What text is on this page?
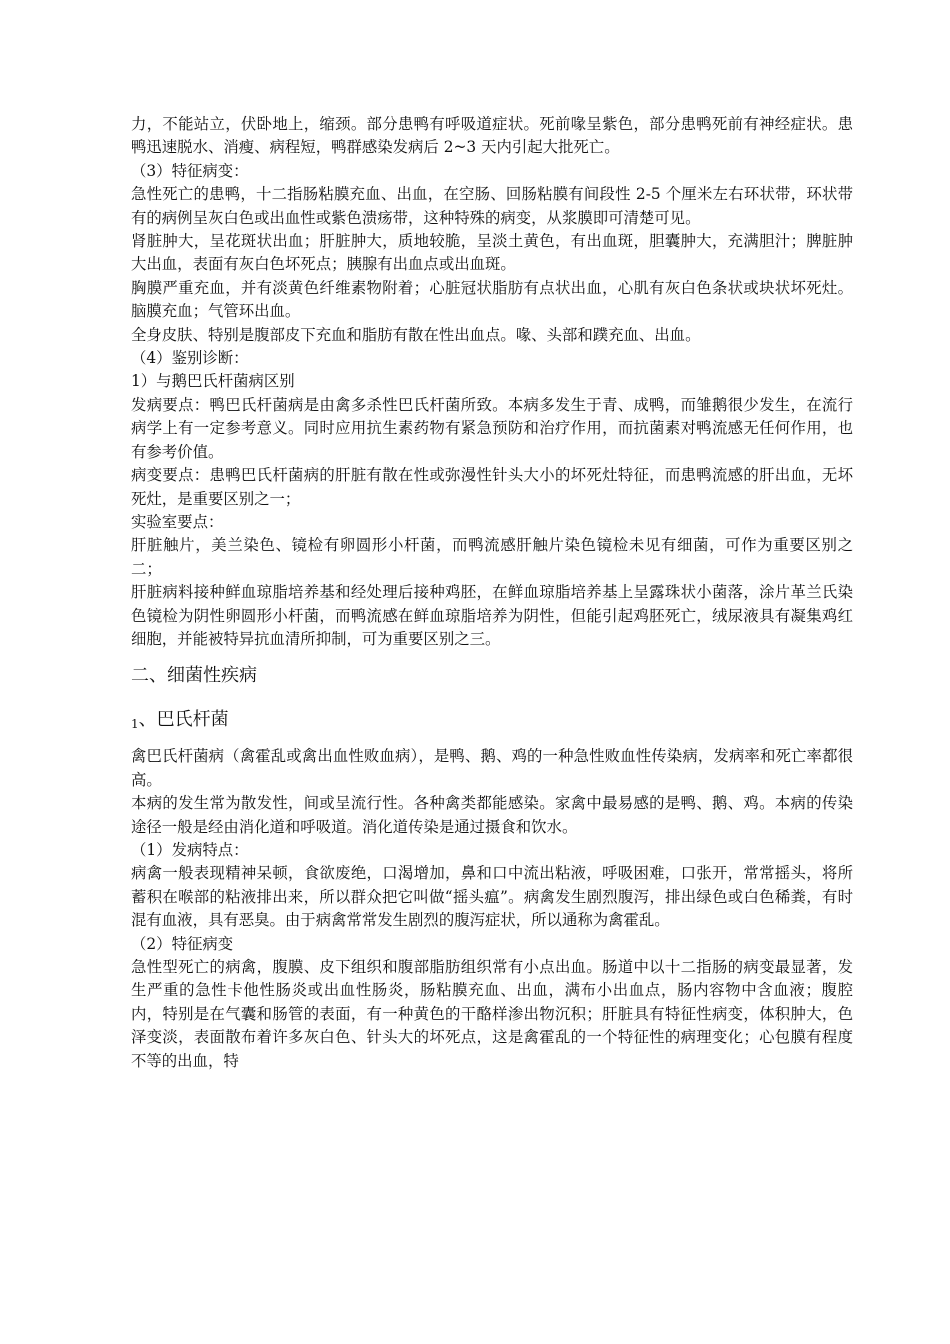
力，不能站立，伏卧地上，缩颈。部分患鸭有呼吸道症状。死前喙呈紫色，部分患鸭死前有神经症状。患鸭迅速脱水、消瘦、病程短，鸭群感染发病后 2~3 天内引起大批死亡。

（3）特征病变：

急性死亡的患鸭，十二指肠粘膜充血、出血，在空肠、回肠粘膜有间段性 2-5 个厘米左右环状带，环状带有的病例呈灰白色或出血性或紫色溃疡带，这种特殊的病变，从浆膜即可清楚可见。

肾脏肿大，呈花斑状出血；肝脏肿大，质地较脆，呈淡土黄色，有出血斑，胆囊肿大，充满胆汁；脾脏肿大出血，表面有灰白色坏死点；胰腺有出血点或出血斑。

胸膜严重充血，并有淡黄色纤维素物附着；心脏冠状脂肪有点状出血，心肌有灰白色条状或块状坏死灶。脑膜充血；气管环出血。

全身皮肤、特别是腹部皮下充血和脂肪有散在性出血点。喙、头部和蹼充血、出血。

（4）鉴别诊断：

1）与鹅巴氏杆菌病区别

发病要点：鸭巴氏杆菌病是由禽多杀性巴氏杆菌所致。本病多发生于青、成鸭，而雏鹅很少发生，在流行病学上有一定参考意义。同时应用抗生素药物有紧急预防和治疗作用，而抗菌素对鸭流感无任何作用，也有参考价值。

病变要点：患鸭巴氏杆菌病的肝脏有散在性或弥漫性针头大小的坏死灶特征，而患鸭流感的肝出血，无坏死灶，是重要区别之一；

实验室要点：

肝脏触片，美兰染色、镜检有卵圆形小杆菌，而鸭流感肝触片染色镜检未见有细菌，可作为重要区别之二；

肝脏病料接种鲜血琼脂培养基和经处理后接种鸡胚，在鲜血琼脂培养基上呈露珠状小菌落，涂片革兰氏染色镜检为阴性卵圆形小杆菌，而鸭流感在鲜血琼脂培养为阴性，但能引起鸡胚死亡，绒尿液具有凝集鸡红细胞，并能被特异抗血清所抑制，可为重要区别之三。

二、细菌性疾病
1、巴氏杆菌

禽巴氏杆菌病（禽霍乱或禽出血性败血病），是鸭、鹅、鸡的一种急性败血性传染病，发病率和死亡率都很高。

本病的发生常为散发性，间或呈流行性。各种禽类都能感染。家禽中最易感的是鸭、鹅、鸡。本病的传染途径一般是经由消化道和呼吸道。消化道传染是通过摄食和饮水。

（1）发病特点：

病禽一般表现精神呆顿，食欲废绝，口渴增加，鼻和口中流出粘液，呼吸困难，口张开，常常摇头，将所蓄积在喉部的粘液排出来，所以群众把它叫做“摇头瘟”。病禽发生剧烈腹泻，排出绿色或白色稀粪，有时混有血液，具有恶臭。由于病禽常常发生剧烈的腹泻症状，所以通称为禽霍乱。

（2）特征病变

急性型死亡的病禽，腹膜、皮下组织和腹部脂肪组织常有小点出血。肠道中以十二指肠的病变最显著，发生严重的急性卡他性肠炎或出血性肠炎，肠粘膜充血、出血，满布小出血点，肠内容物中含血液；腹腔内，特别是在气囊和肠管的表面，有一种黄色的干酪样渗出物沉积；肝脏具有特征性病变，体积肿大，色泽变淡，表面散布着许多灰白色、针头大的坏死点，这是禽霍乱的一个特征性的病理变化；心包膜有程度不等的出血，特
